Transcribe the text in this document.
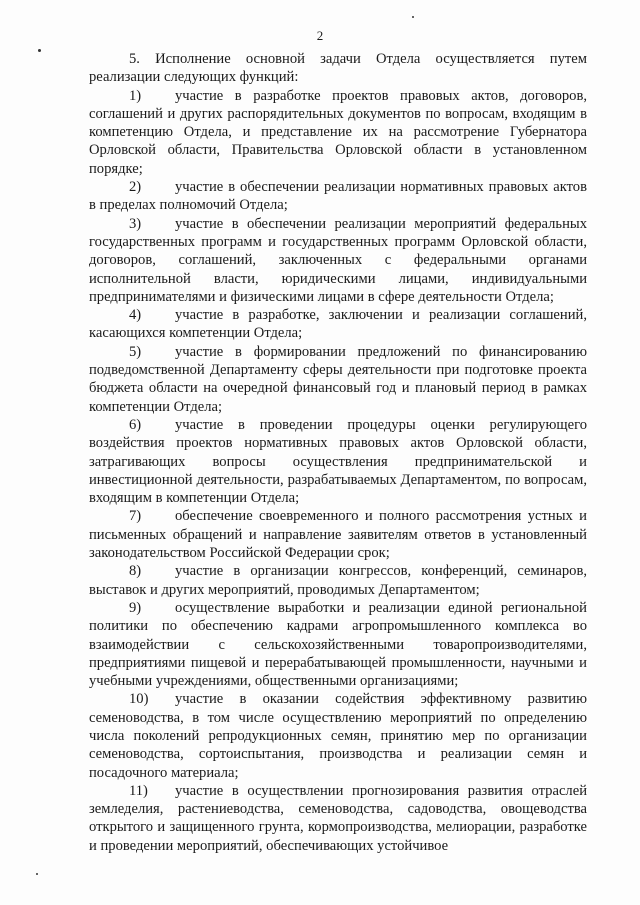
2

5. Исполнение основной задачи Отдела осуществляется путем реализации следующих функций:

1) участие в разработке проектов правовых актов, договоров, соглашений и других распорядительных документов по вопросам, входящим в компетенцию Отдела, и представление их на рассмотрение Губернатора Орловской области, Правительства Орловской области в установленном порядке;

2) участие в обеспечении реализации нормативных правовых актов в пределах полномочий Отдела;

3) участие в обеспечении реализации мероприятий федеральных государственных программ и государственных программ Орловской области, договоров, соглашений, заключенных с федеральными органами исполнительной власти, юридическими лицами, индивидуальными предпринимателями и физическими лицами в сфере деятельности Отдела;

4) участие в разработке, заключении и реализации соглашений, касающихся компетенции Отдела;

5) участие в формировании предложений по финансированию подведомственной Департаменту сферы деятельности при подготовке проекта бюджета области на очередной финансовый год и плановый период в рамках компетенции Отдела;

6) участие в проведении процедуры оценки регулирующего воздействия проектов нормативных правовых актов Орловской области, затрагивающих вопросы осуществления предпринимательской и инвестиционной деятельности, разрабатываемых Департаментом, по вопросам, входящим в компетенции Отдела;

7) обеспечение своевременного и полного рассмотрения устных и письменных обращений и направление заявителям ответов в установленный законодательством Российской Федерации срок;

8) участие в организации конгрессов, конференций, семинаров, выставок и других мероприятий, проводимых Департаментом;

9) осуществление выработки и реализации единой региональной политики по обеспечению кадрами агропромышленного комплекса во взаимодействии с сельскохозяйственными товаропроизводителями, предприятиями пищевой и перерабатывающей промышленности, научными и учебными учреждениями, общественными организациями;

10) участие в оказании содействия эффективному развитию семеноводства, в том числе осуществлению мероприятий по определению числа поколений репродукционных семян, принятию мер по организации семеноводства, сортоиспытания, производства и реализации семян и посадочного материала;

11) участие в осуществлении прогнозирования развития отраслей земледелия, растениеводства, семеноводства, садоводства, овощеводства открытого и защищенного грунта, кормопроизводства, мелиорации, разработке и проведении мероприятий, обеспечивающих устойчивое
